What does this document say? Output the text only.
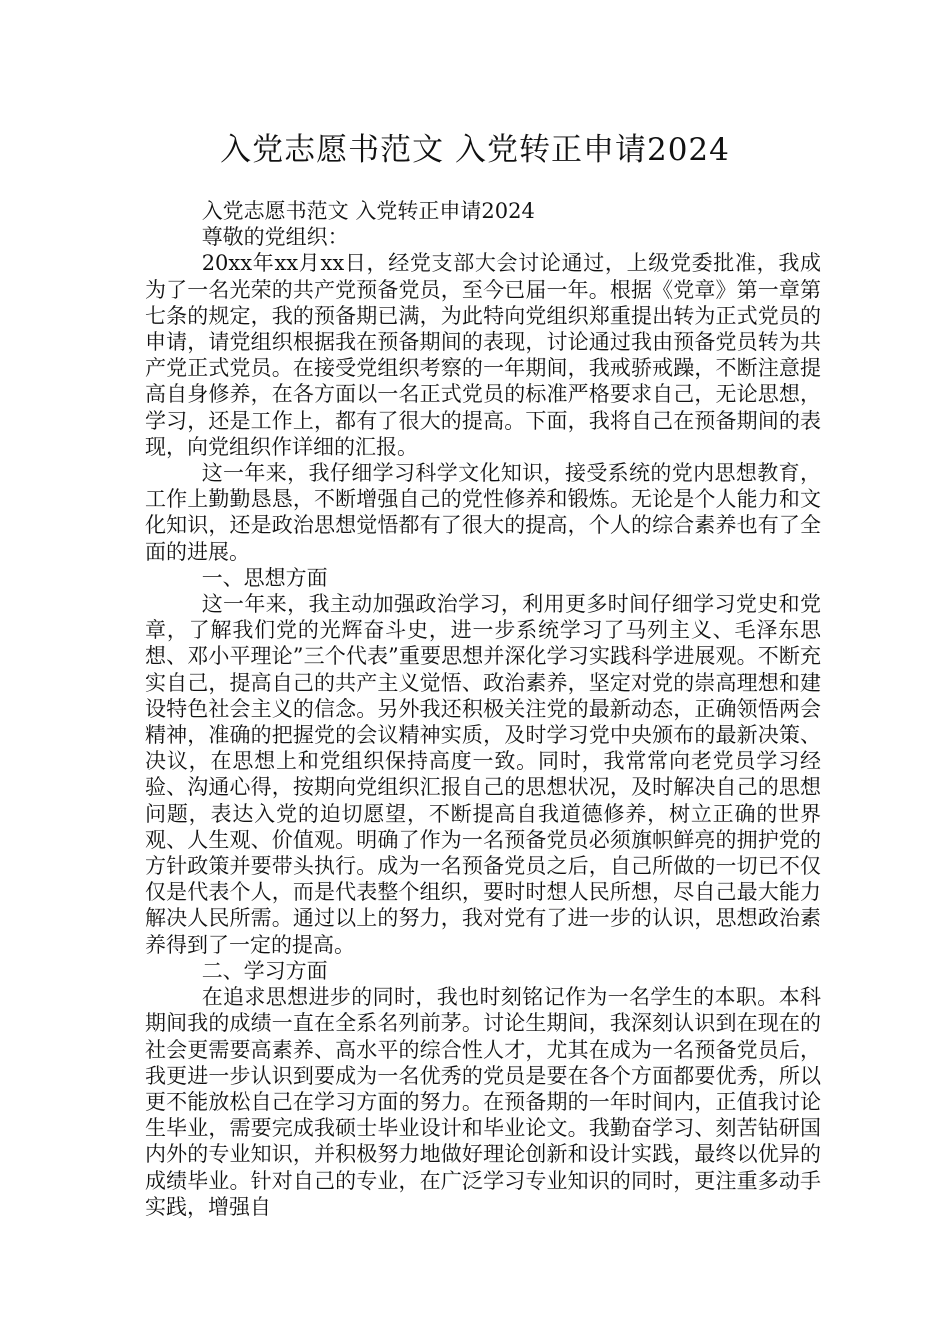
入党志愿书范文 入党转正申请2024

入党志愿书范文 入党转正申请2024

尊敬的党组织：

20xx年xx月xx日，经党支部大会讨论通过，上级党委批准，我成为了一名光荣的共产党预备党员，至今已届一年。根据《党章》第一章第七条的规定，我的预备期已满，为此特向党组织郑重提出转为正式党员的申请，请党组织根据我在预备期间的表现，讨论通过我由预备党员转为共产党正式党员。在接受党组织考察的一年期间，我戒骄戒躁，不断注意提高自身修养，在各方面以一名正式党员的标准严格要求自己，无论思想，学习，还是工作上，都有了很大的提高。下面，我将自己在预备期间的表现，向党组织作详细的汇报。

这一年来，我仔细学习科学文化知识，接受系统的党内思想教育，工作上勤勤恳恳，不断增强自己的党性修养和锻炼。无论是个人能力和文化知识，还是政治思想觉悟都有了很大的提高，个人的综合素养也有了全面的进展。

一、思想方面

这一年来，我主动加强政治学习，利用更多时间仔细学习党史和党章，了解我们党的光辉奋斗史，进一步系统学习了马列主义、毛泽东思想、邓小平理论”三个代表”重要思想并深化学习实践科学进展观。不断充实自己，提高自己的共产主义觉悟、政治素养，坚定对党的崇高理想和建设特色社会主义的信念。另外我还积极关注党的最新动态，正确领悟两会精神，准确的把握党的会议精神实质，及时学习党中央颁布的最新决策、决议，在思想上和党组织保持高度一致。同时，我常常向老党员学习经验、沟通心得，按期向党组织汇报自己的思想状况，及时解决自己的思想问题，表达入党的迫切愿望，不断提高自我道德修养，树立正确的世界观、人生观、价值观。明确了作为一名预备党员必须旗帜鲜亮的拥护党的方针政策并要带头执行。成为一名预备党员之后，自己所做的一切已不仅仅是代表个人，而是代表整个组织，要时时想人民所想，尽自己最大能力解决人民所需。通过以上的努力，我对党有了进一步的认识，思想政治素养得到了一定的提高。

二、学习方面

在追求思想进步的同时，我也时刻铭记作为一名学生的本职。本科期间我的成绩一直在全系名列前茅。讨论生期间，我深刻认识到在现在的社会更需要高素养、高水平的综合性人才，尤其在成为一名预备党员后，我更进一步认识到要成为一名优秀的党员是要在各个方面都要优秀，所以更不能放松自己在学习方面的努力。在预备期的一年时间内，正值我讨论生毕业，需要完成我硕士毕业设计和毕业论文。我勤奋学习、刻苦钻研国内外的专业知识，并积极努力地做好理论创新和设计实践，最终以优异的成绩毕业。针对自己的专业，在广泛学习专业知识的同时，更注重多动手实践，增强自
